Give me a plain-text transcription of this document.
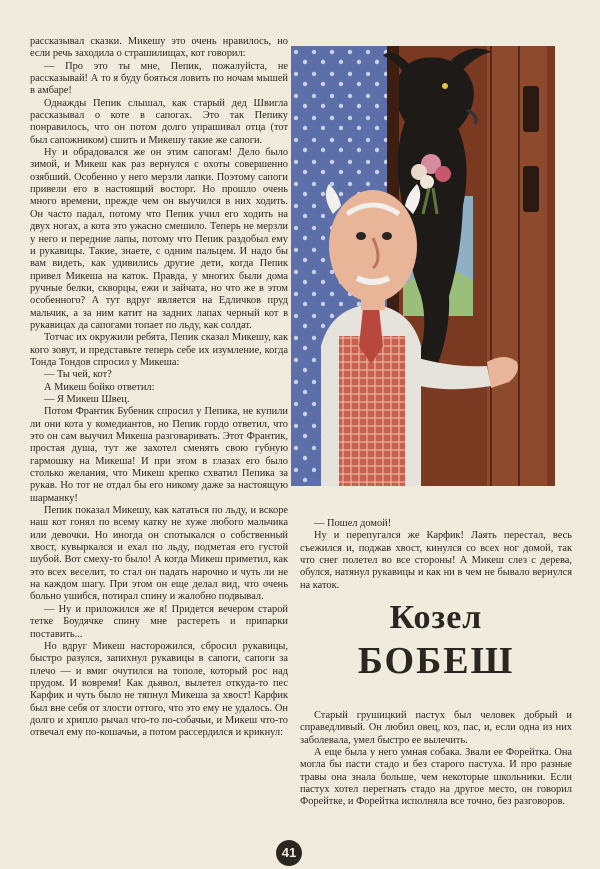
рассказывал сказки. Микешу это очень нравилось, но если речь заходила о страшилищах, кот говорил:

— Про это ты мне, Пепик, пожалуйста, не рассказывай! А то я буду бояться ловить по ночам мышей в амбаре!

Однажды Пепик слышал, как старый дед Швигла рассказывал о коте в сапогах. Это так Пепику понравилось, что он потом долго упрашивал отца (тот был сапожником) сшить и Микешу такие же сапоги.

Ну и обрадовался же он этим сапогам! Дело было зимой, и Микеш как раз вернулся с охоты совершенно озябший. Особенно у него мерзли лапки. Поэтому сапоги привели его в настоящий восторг. Но прошло очень много времени, прежде чем он выучился в них ходить. Он часто падал, потому что Пепик учил его ходить на двух ногах, а кота это ужасно смешило. Теперь не мерзли у него и передние лапы, потому что Пепик раздобыл ему и рукавицы. Такие, знаете, с одним пальцем. И надо бы вам видеть, как удивились другие дети, когда Пепик привел Микеша на каток. Правда, у многих были дома ручные белки, скворцы, ежи и зайчата, но что же в этом особенного? А тут вдруг является на Едличков пруд мальчик, а за ним катит на задних лапах черный кот в рукавицах да сапогами топает по льду, как солдат.

Тотчас их окружили ребята, Пепик сказал Микешу, как кого зовут, и представьте теперь себе их изумление, когда Тонда Тондов спросил у Микеша:

— Ты чей, кот?

А Микеш бойко ответил:

— Я Микеш Швец.

Потом Франтик Бубеник спросил у Пепика, не купили ли они кота у комедиантов, но Пепик гордо ответил, что это он сам выучил Микеша разговаривать. Этот Франтик, простая душа, тут же захотел сменять свою губную гармошку на Микеша! И при этом в глазах его было столько желания, что Микеш крепко схватил Пепика за рукав. Но тот не отдал бы его никому даже за настоящую шарманку!

Пепик показал Микешу, как кататься по льду, и вскоре наш кот гонял по всему катку не хуже любого мальчика или девочки. Но иногда он спотыкался о собственный хвост, кувыркался и ехал по льду, подметая его густой шубой. Вот смеху-то было! А когда Микеш приметил, как это всех веселит, то стал он падать нарочно и чуть ли не на каждом шагу. При этом он еще делал вид, что очень больно ушибся, потирал спину и жалобно подвывал.

— Ну и приложился же я! Придется вечером старой тетке Боудячке спину мне растереть и припарки поставить...

Но вдруг Микеш насторожился, сбросил рукавицы, быстро разулся, запихнул рукавицы в сапоги, сапоги за плечо — и вмиг очутился на тополе, который рос над прудом. И вовремя! Как дьявол, вылетел откуда-то пес Карфик и чуть было не тяпнул Микеша за хвост! Карфик был вне себя от злости оттого, что это ему не удалось. Он долго и хрипло рычал что-то по-собачьи, и Микеш что-то отвечал ему по-кошачьи, а потом рассердился и крикнул:

— Пошел домой!

Ну и перепугался же Карфик! Лаять перестал, весь съежился и, поджав хвост, кинулся со всех ног домой, так что снег полетел во все стороны! А Микеш слез с дерева, обулся, натянул рукавицы и как ни в чем не бывало вернулся на каток.

Козел
БОБЕШ

Старый грушицкий пастух был человек добрый и справедливый. Он любил овец, коз, пас, и, если одна из них заболевала, умел быстро ее вылечить.

А еще была у него умная собака. Звали ее Форейтка. Она могла бы пасти стадо и без старого пастуха. И про разные травы она знала больше, чем некоторые школьники. Если пастух хотел перегнать стадо на другое место, он говорил Форейтке, и Форейтка исполняла все точно, без разговоров.

41
